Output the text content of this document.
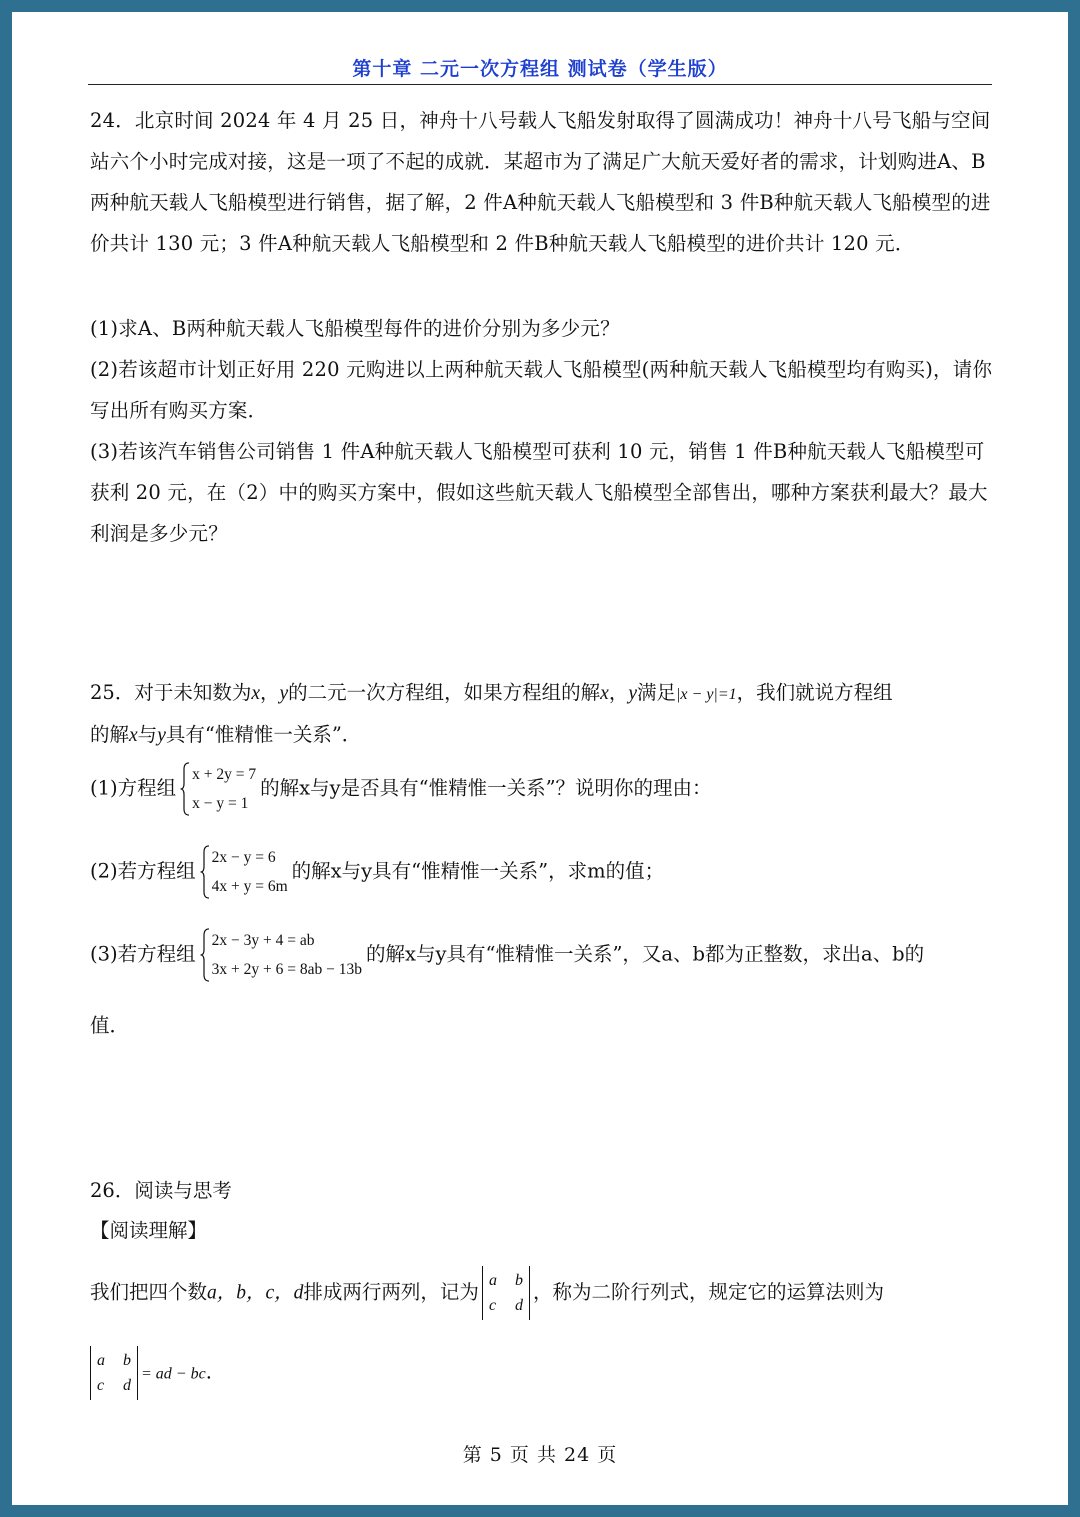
第十章 二元一次方程组 测试卷（学生版）
24．北京时间 2024 年 4 月 25 日，神舟十八号载人飞船发射取得了圆满成功！神舟十八号飞船与空间站六个小时完成对接，这是一项了不起的成就．某超市为了满足广大航天爱好者的需求，计划购进A、B两种航天载人飞船模型进行销售，据了解，2 件A种航天载人飞船模型和 3 件B种航天载人飞船模型的进价共计 130 元；3 件A种航天载人飞船模型和 2 件B种航天载人飞船模型的进价共计 120 元．
(1)求A、B两种航天载人飞船模型每件的进价分别为多少元？
(2)若该超市计划正好用 220 元购进以上两种航天载人飞船模型(两种航天载人飞船模型均有购买)，请你写出所有购买方案．
(3)若该汽车销售公司销售 1 件A种航天载人飞船模型可获利 10 元，销售 1 件B种航天载人飞船模型可获利 20 元，在（2）中的购买方案中，假如这些航天载人飞船模型全部售出，哪种方案获利最大？最大利润是多少元？
25．对于未知数为x，y的二元一次方程组，如果方程组的解x，y满足|x − y|=1，我们就说方程组
的解x与y具有“惟精惟一关系”．
(1)方程组
x + 2y = 7
x − y = 1
的解x与y是否具有“惟精惟一关系”？说明你的理由：
(2)若方程组
2x − y = 6
4x + y = 6m
的解x与y具有“惟精惟一关系”，求m的值；
(3)若方程组
2x − 3y + 4 = ab
3x + 2y + 6 = 8ab − 13b
的解x与y具有“惟精惟一关系”，又a、b都为正整数，求出a、b的
值．
26．阅读与思考
【阅读理解】
我们把四个数a，b，c，d排成两行两列，记为 a	b
c	d
，称为二阶行列式，规定它的运算法则为
a	b
c	d
= ad − bc.
第 5 页 共 24 页
